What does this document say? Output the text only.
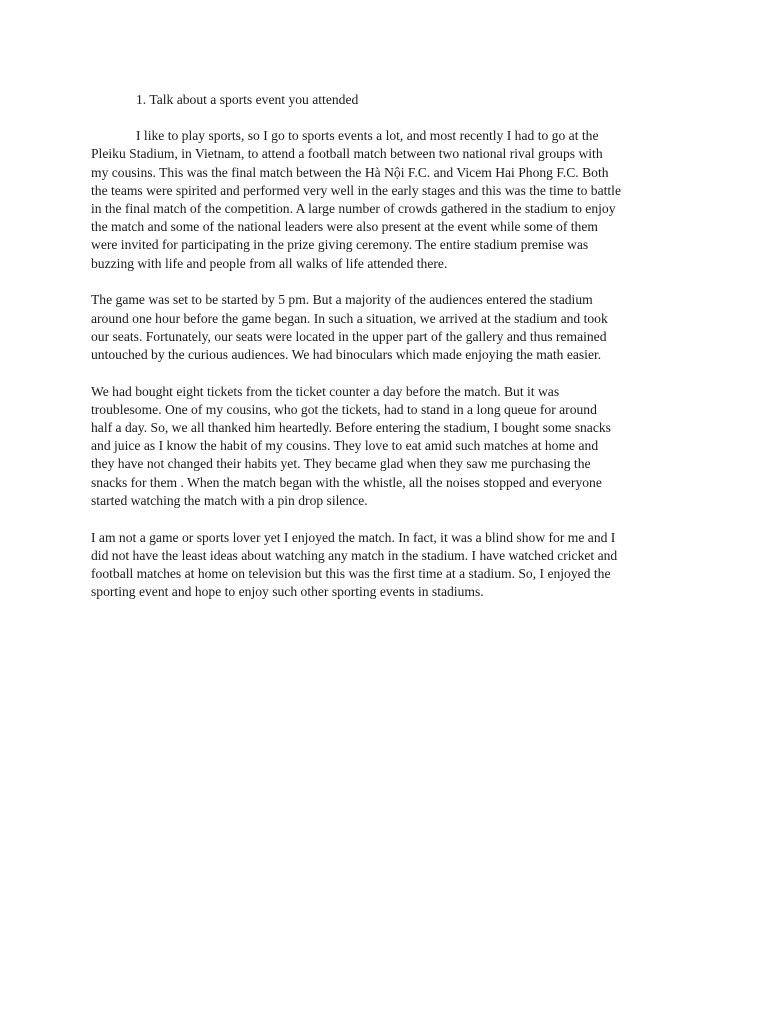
1. Talk about a sports event you attended

I like to play sports, so I go to sports events a lot, and most recently I had to go at the
Pleiku Stadium, in Vietnam, to attend a football match between two national rival groups with
my cousins. This was the final match between the Hà Nội F.C. and Vicem Hai Phong F.C. Both
the teams were spirited and performed very well in the early stages and this was the time to battle
in the final match of the competition. A large number of crowds gathered in the stadium to enjoy
the match and some of the national leaders were also present at the event while some of them
were invited for participating in the prize giving ceremony. The entire stadium premise was
buzzing with life and people from all walks of life attended there.

The game was set to be started by 5 pm. But a majority of the audiences entered the stadium
around one hour before the game began. In such a situation, we arrived at the stadium and took
our seats. Fortunately, our seats were located in the upper part of the gallery and thus remained
untouched by the curious audiences. We had binoculars which made enjoying the math easier.

We had bought eight tickets from the ticket counter a day before the match. But it was
troublesome. One of my cousins, who got the tickets, had to stand in a long queue for around
half a day. So, we all thanked him heartedly. Before entering the stadium, I bought some snacks
and juice as I know the habit of my cousins. They love to eat amid such matches at home and
they have not changed their habits yet. They became glad when they saw me purchasing the
snacks for them . When the match began with the whistle, all the noises stopped and everyone
started watching the match with a pin drop silence.

I am not a game or sports lover yet I enjoyed the match. In fact, it was a blind show for me and I
did not have the least ideas about watching any match in the stadium. I have watched cricket and
football matches at home on television but this was the first time at a stadium. So, I enjoyed the
sporting event and hope to enjoy such other sporting events in stadiums.
